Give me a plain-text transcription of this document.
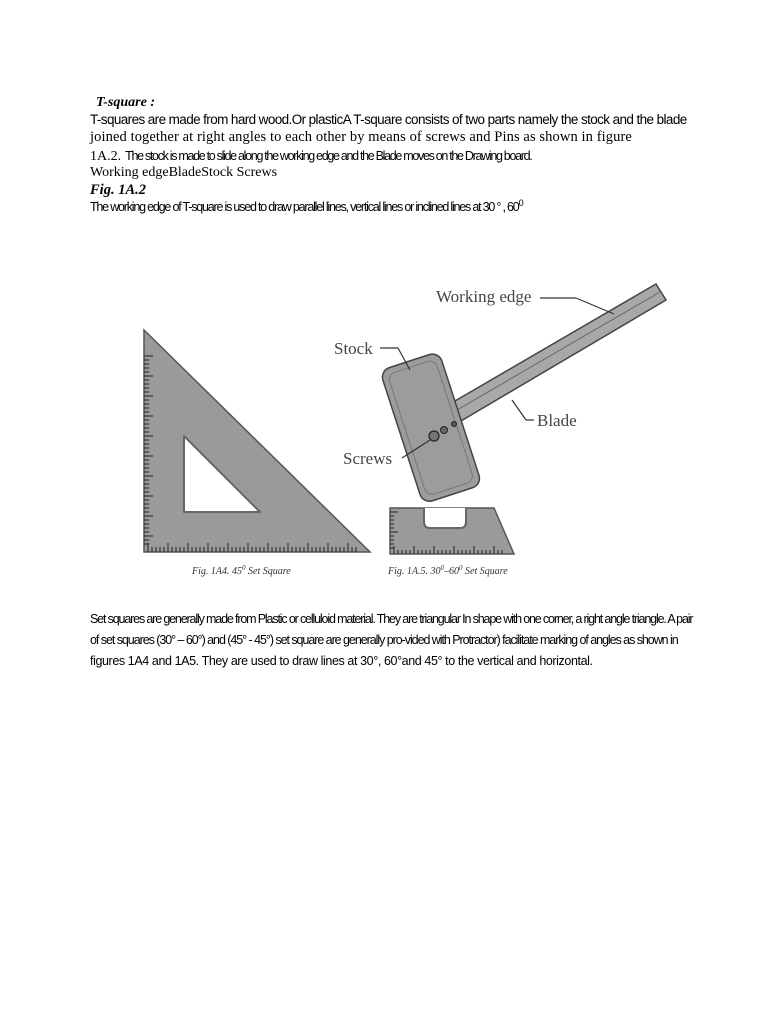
T-square :

T-squares are made from hard wood.Or plasticA T-square consists of two parts namely the stock and the blade

joined together at right angles to each other by means of screws and Pins as shown in figure

1A.2. The stock is made to slide along the working edge and the Blade moves on the Drawing board.

Working edgeBladeStock Screws

Fig. 1A.2

The working edge of T-square is used to draw parallel lines, vertical lines or inclined lines at 30 ° , $60^0$

Working edge
Stock
Blade
Screws
Fig. 1A4. $45^0$ Set Square	Fig. 1A.5. $30^0-60^0$ Set Square

Set squares are generally made from Plastic or celluloid material. They are triangular In shape with one corner, a right angle triangle. A pair

of set squares (30° – 60°) and (45° - 45°) set square are generally pro-vided with Protractor) facilitate marking of angles as shown in

figures 1A4 and 1A5. They are used to draw lines at 30°, 60°and 45° to the vertical and horizontal.
